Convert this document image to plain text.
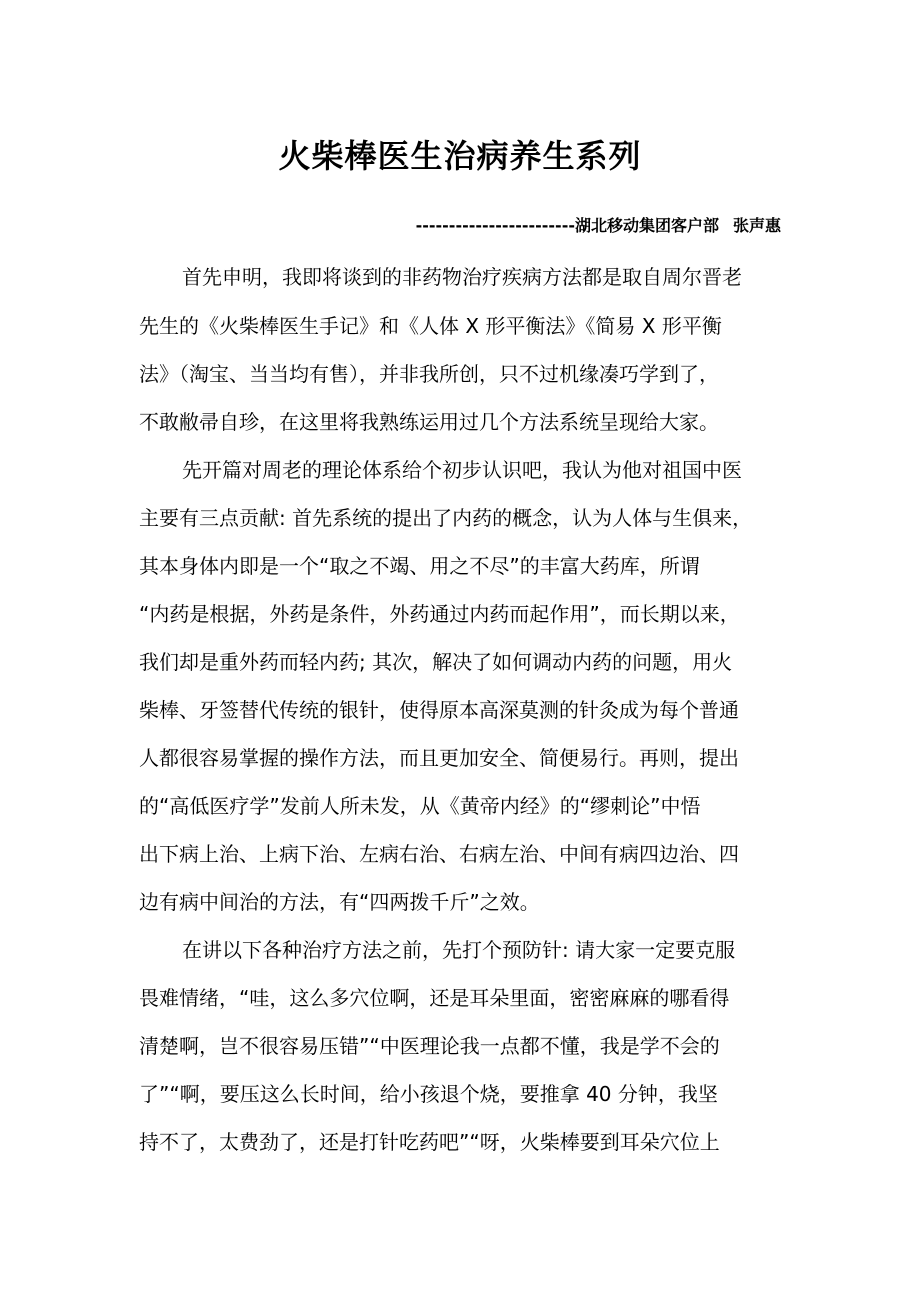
火柴棒医生治病养生系列
------------------------湖北移动集团客户部 张声惠
首先申明，我即将谈到的非药物治疗疾病方法都是取自周尔晋老
先生的《火柴棒医生手记》和《人体 X 形平衡法》《简易 X 形平衡
法》（淘宝、当当均有售），并非我所创，只不过机缘凑巧学到了，
不敢敝帚自珍，在这里将我熟练运用过几个方法系统呈现给大家。
先开篇对周老的理论体系给个初步认识吧，我认为他对祖国中医
主要有三点贡献: 首先系统的提出了内药的概念，认为人体与生俱来，
其本身体内即是一个“取之不竭、用之不尽”的丰富大药库，所谓
“内药是根据，外药是条件，外药通过内药而起作用”，而长期以来，
我们却是重外药而轻内药; 其次，解决了如何调动内药的问题，用火
柴棒、牙签替代传统的银针，使得原本高深莫测的针灸成为每个普通
人都很容易掌握的操作方法，而且更加安全、简便易行。再则，提出
的“高低医疗学”发前人所未发，从《黄帝内经》的“缪刺论”中悟
出下病上治、上病下治、左病右治、右病左治、中间有病四边治、四
边有病中间治的方法，有“四两拨千斤”之效。
在讲以下各种治疗方法之前，先打个预防针: 请大家一定要克服
畏难情绪，“哇，这么多穴位啊，还是耳朵里面，密密麻麻的哪看得
清楚啊，岂不很容易压错”“中医理论我一点都不懂，我是学不会的
了”“啊，要压这么长时间，给小孩退个烧，要推拿 40 分钟，我坚
持不了，太费劲了，还是打针吃药吧”“呀，火柴棒要到耳朵穴位上
